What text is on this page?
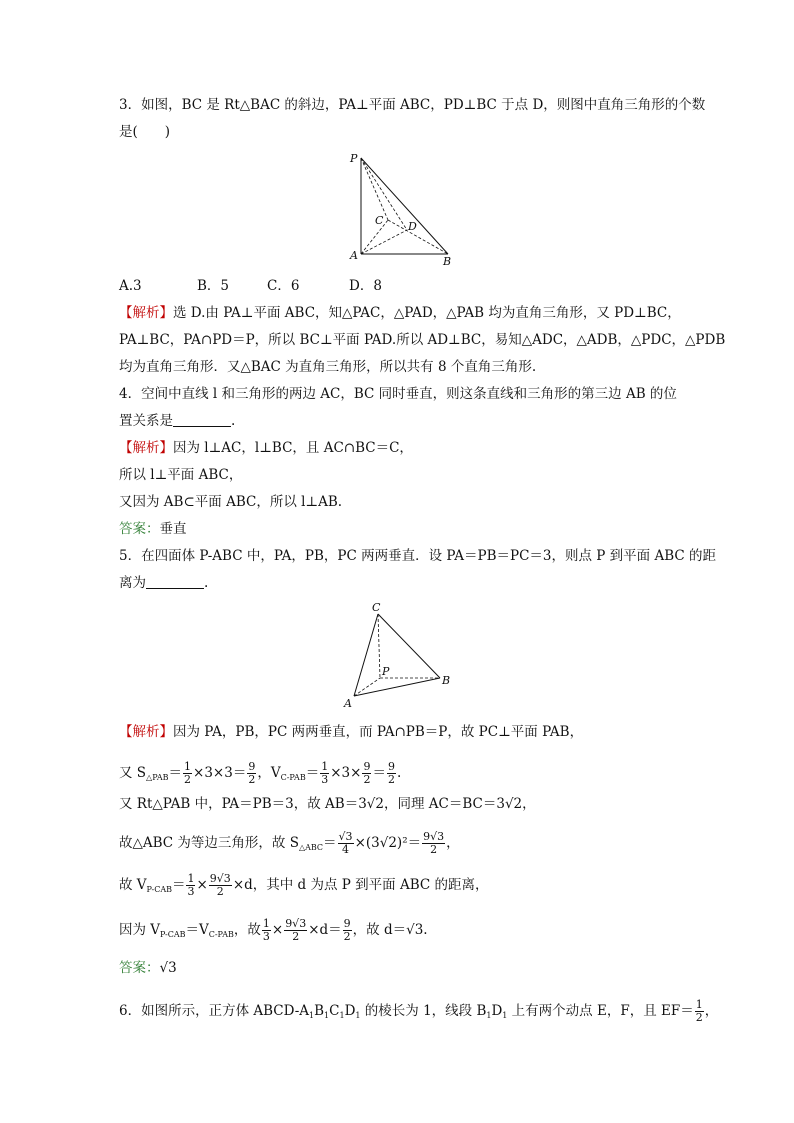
3．如图，BC 是 Rt△BAC 的斜边，PA⊥平面 ABC，PD⊥BC 于点 D，则图中直角三角形的个数
是(　　)
P
C D
A	B
A.3	B．5	C．6	D．8
【解析】选 D.由 PA⊥平面 ABC，知△PAC，△PAD，△PAB 均为直角三角形，又 PD⊥BC，
PA⊥BC，PA∩PD＝P，所以 BC⊥平面 PAD.所以 AD⊥BC，易知△ADC，△ADB，△PDC，△PDB
均为直角三角形．又△BAC 为直角三角形，所以共有 8 个直角三角形.
4．空间中直线 l 和三角形的两边 AC，BC 同时垂直，则这条直线和三角形的第三边 AB 的位
置关系是	.
【解析】因为 l⊥AC，l⊥BC，且 AC∩BC＝C，
所以 l⊥平面 ABC，
又因为 AB⊂平面 ABC，所以 l⊥AB.
答案：垂直
5．在四面体 P-ABC 中，PA，PB，PC 两两垂直．设 PA＝PB＝PC＝3，则点 P 到平面 ABC 的距
离为	.
C
P
A
B
【解析】因为 PA，PB，PC 两两垂直，而 PA∩PB＝P，故 PC⊥平面 PAB，
又 $S_{\triangle PAB}= \frac{1}{2} \times 3\times 3= \frac{9}{2}$ ，$V_{C-PAB}= \frac{1}{3} \times 3\times \frac{9}{2} = \frac{9}{2}$ .
又 Rt△PAB 中，PA＝PB＝3，故 AB＝3√2，同理 AC＝BC＝3√2，
故△ABC 为等边三角形，故 $S_{\triangle ABC}= \frac{√3}{4} \times(3√2)^2= \frac{9√3}{2}$ ，
故 $V_{P-CAB}= \frac{1}{3} \times \frac{9√3}{2} \times d$，其中 d 为点 P 到平面 ABC 的距离，
因为 $V_{P-CAB}=V_{C-PAB}$，故 $\frac{1}{3} \times \frac{9√3}{2} \times d= \frac{9}{2}$ ，故 d＝√3.
答案：√3
6．如图所示，正方体 ABCD-$A_1B_1C_1D_1$ 的棱长为 1，线段 $B_1D_1$ 上有两个动点 E，F，且 $EF= \frac{1}{2}$ ，
